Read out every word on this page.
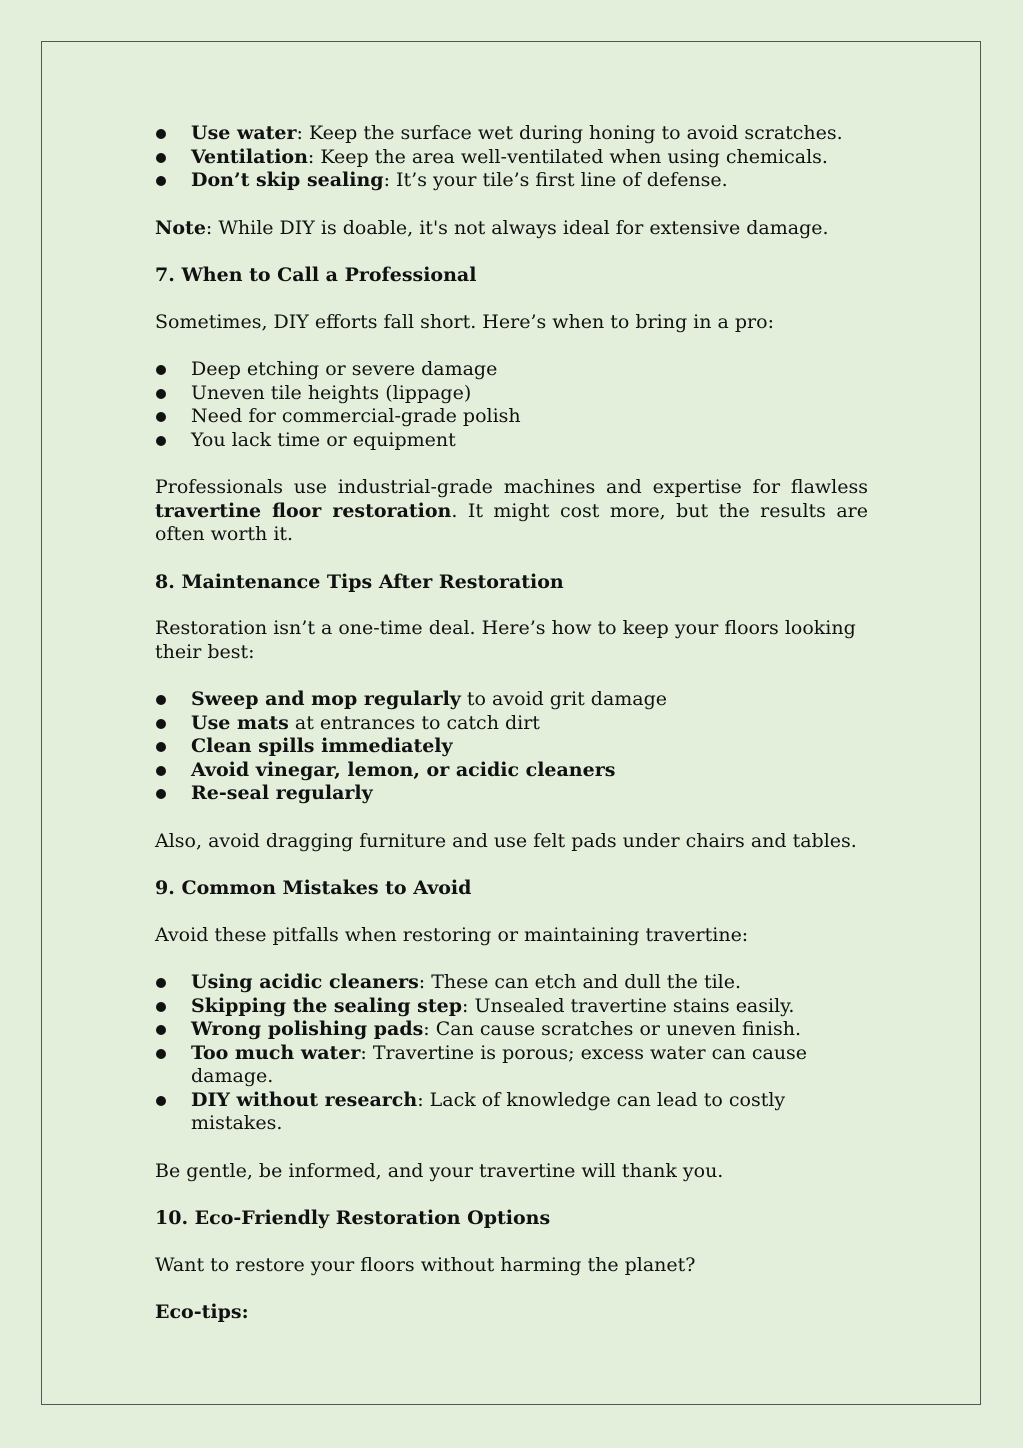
Use water: Keep the surface wet during honing to avoid scratches.
Ventilation: Keep the area well-ventilated when using chemicals.
Don’t skip sealing: It’s your tile’s first line of defense.

Note: While DIY is doable, it's not always ideal for extensive damage.

7. When to Call a Professional

Sometimes, DIY efforts fall short. Here’s when to bring in a pro:

Deep etching or severe damage
Uneven tile heights (lippage)
Need for commercial-grade polish
You lack time or equipment

Professionals use industrial-grade machines and expertise for flawless travertine floor restoration. It might cost more, but the results are often worth it.

8. Maintenance Tips After Restoration

Restoration isn’t a one-time deal. Here’s how to keep your floors looking their best:

Sweep and mop regularly to avoid grit damage
Use mats at entrances to catch dirt
Clean spills immediately
Avoid vinegar, lemon, or acidic cleaners
Re-seal regularly

Also, avoid dragging furniture and use felt pads under chairs and tables.

9. Common Mistakes to Avoid

Avoid these pitfalls when restoring or maintaining travertine:

Using acidic cleaners: These can etch and dull the tile.
Skipping the sealing step: Unsealed travertine stains easily.
Wrong polishing pads: Can cause scratches or uneven finish.
Too much water: Travertine is porous; excess water can cause damage.
DIY without research: Lack of knowledge can lead to costly mistakes.

Be gentle, be informed, and your travertine will thank you.

10. Eco-Friendly Restoration Options

Want to restore your floors without harming the planet?

Eco-tips:
